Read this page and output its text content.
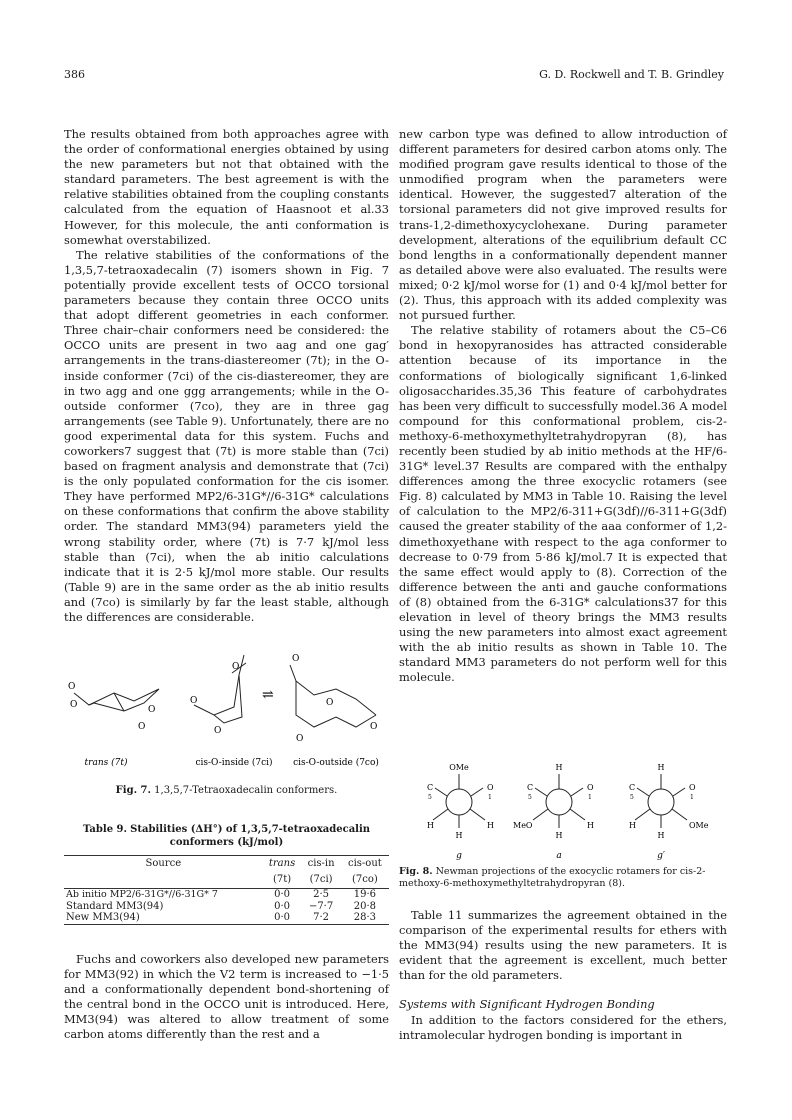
386	G. D. Rockwell and T. B. Grindley

The results obtained from both approaches agree with the order of conformational energies obtained by using the new parameters but not that obtained with the standard parameters. The best agreement is with the relative stabilities obtained from the coupling constants calculated from the equation of Haasnoot et al.33 However, for this molecule, the anti conformation is somewhat overstabilized.

The relative stabilities of the conformations of the 1,3,5,7-tetraoxadecalin (7) isomers shown in Fig. 7 potentially provide excellent tests of OCCO torsional parameters because they contain three OCCO units that adopt different geometries in each conformer. Three chair–chair conformers need be considered: the OCCO units are present in two aag and one gag′ arrangements in the trans-diastereomer (7t); in the O-inside conformer (7ci) of the cis-diastereomer, they are in two agg and one ggg arrangements; while in the O-outside conformer (7co), they are in three gag arrangements (see Table 9). Unfortunately, there are no good experimental data for this system. Fuchs and coworkers7 suggest that (7t) is more stable than (7ci) based on fragment analysis and demonstrate that (7ci) is the only populated conformation for the cis isomer. They have performed MP2/6-31G*//6-31G* calculations on these conformations that confirm the above stability order. The standard MM3(94) parameters yield the wrong stability order, where (7t) is 7·7 kJ/mol less stable than (7ci), when the ab initio calculations indicate that it is 2·5 kJ/mol more stable. Our results (Table 9) are in the same order as the ab initio results and (7co) is similarly by far the least stable, although the differences are considerable.

new carbon type was defined to allow introduction of different parameters for desired carbon atoms only. The modified program gave results identical to those of the unmodified program when the parameters were identical. However, the suggested7 alteration of the torsional parameters did not give improved results for trans-1,2-dimethoxycyclohexane. During parameter development, alterations of the equilibrium default CC bond lengths in a conformationally dependent manner as detailed above were also evaluated. The results were mixed; 0·2 kJ/mol worse for (1) and 0·4 kJ/mol better for (2). Thus, this approach with its added complexity was not pursued further.

The relative stability of rotamers about the C5–C6 bond in hexopyranosides has attracted considerable attention because of its importance in the conformations of biologically significant 1,6-linked oligosaccharides.35,36 This feature of carbohydrates has been very difficult to successfully model.36 A model compound for this conformational problem, cis-2-methoxy-6-methoxymethyltetrahydropyran (8), has recently been studied by ab initio methods at the HF/6-31G* level.37 Results are compared with the enthalpy differences among the three exocyclic rotamers (see Fig. 8) calculated by MM3 in Table 10. Raising the level of calculation to the MP2/6-311+G(3df)//6-311+G(3df) caused the greater stability of the aaa conformer of 1,2-dimethoxyethane with respect to the aga conformer to decrease to 0·79 from 5·86 kJ/mol.7 It is expected that the same effect would apply to (8). Correction of the difference between the anti and gauche conformations of (8) obtained from the 6-31G* calculations37 for this elevation in level of theory brings the MM3 results using the new parameters into almost exact agreement with the ab initio results as shown in Table 10. The standard MM3 parameters do not perform well for this molecule.

O
O	O
O
O
O
O
⇌
O
O
O
O
trans (7t)	cis-O-inside (7ci) cis-O-outside (7co)
Fig. 7. 1,3,5,7-Tetraoxadecalin conformers.
Table 9. Stabilities (ΔH°) of 1,3,5,7-tetraoxadecalin conformers (kJ/mol)
Source	trans	cis-in	cis-out
	(7t)	(7ci)	(7co)
Ab initio MP2/6-31G*//6-31G* 7	0·0	2·5	19·6
Standard MM3(94)	0·0	−7·7	20·8
New MM3(94)	0·0	7·2	28·3

Fuchs and coworkers also developed new parameters for MM3(92) in which the V2 term is increased to −1·5 and a conformationally dependent bond-shortening of the central bond in the OCCO unit is introduced. Here, MM3(94) was altered to allow treatment of some carbon atoms differently than the rest and a

OMe
C
5
O
1
H	H
H
g
H
C
5
O
1
MeO	H
H
a
H
C
5
O
1
H	OMe
H
g′
Fig. 8. Newman projections of the exocyclic rotamers for cis-2-methoxy-6-methoxymethyltetrahydropyran (8).

Table 11 summarizes the agreement obtained in the comparison of the experimental results for ethers with the MM3(94) results using the new parameters. It is evident that the agreement is excellent, much better than for the old parameters.

Systems with Significant Hydrogen Bonding

In addition to the factors considered for the ethers, intramolecular hydrogen bonding is important in
